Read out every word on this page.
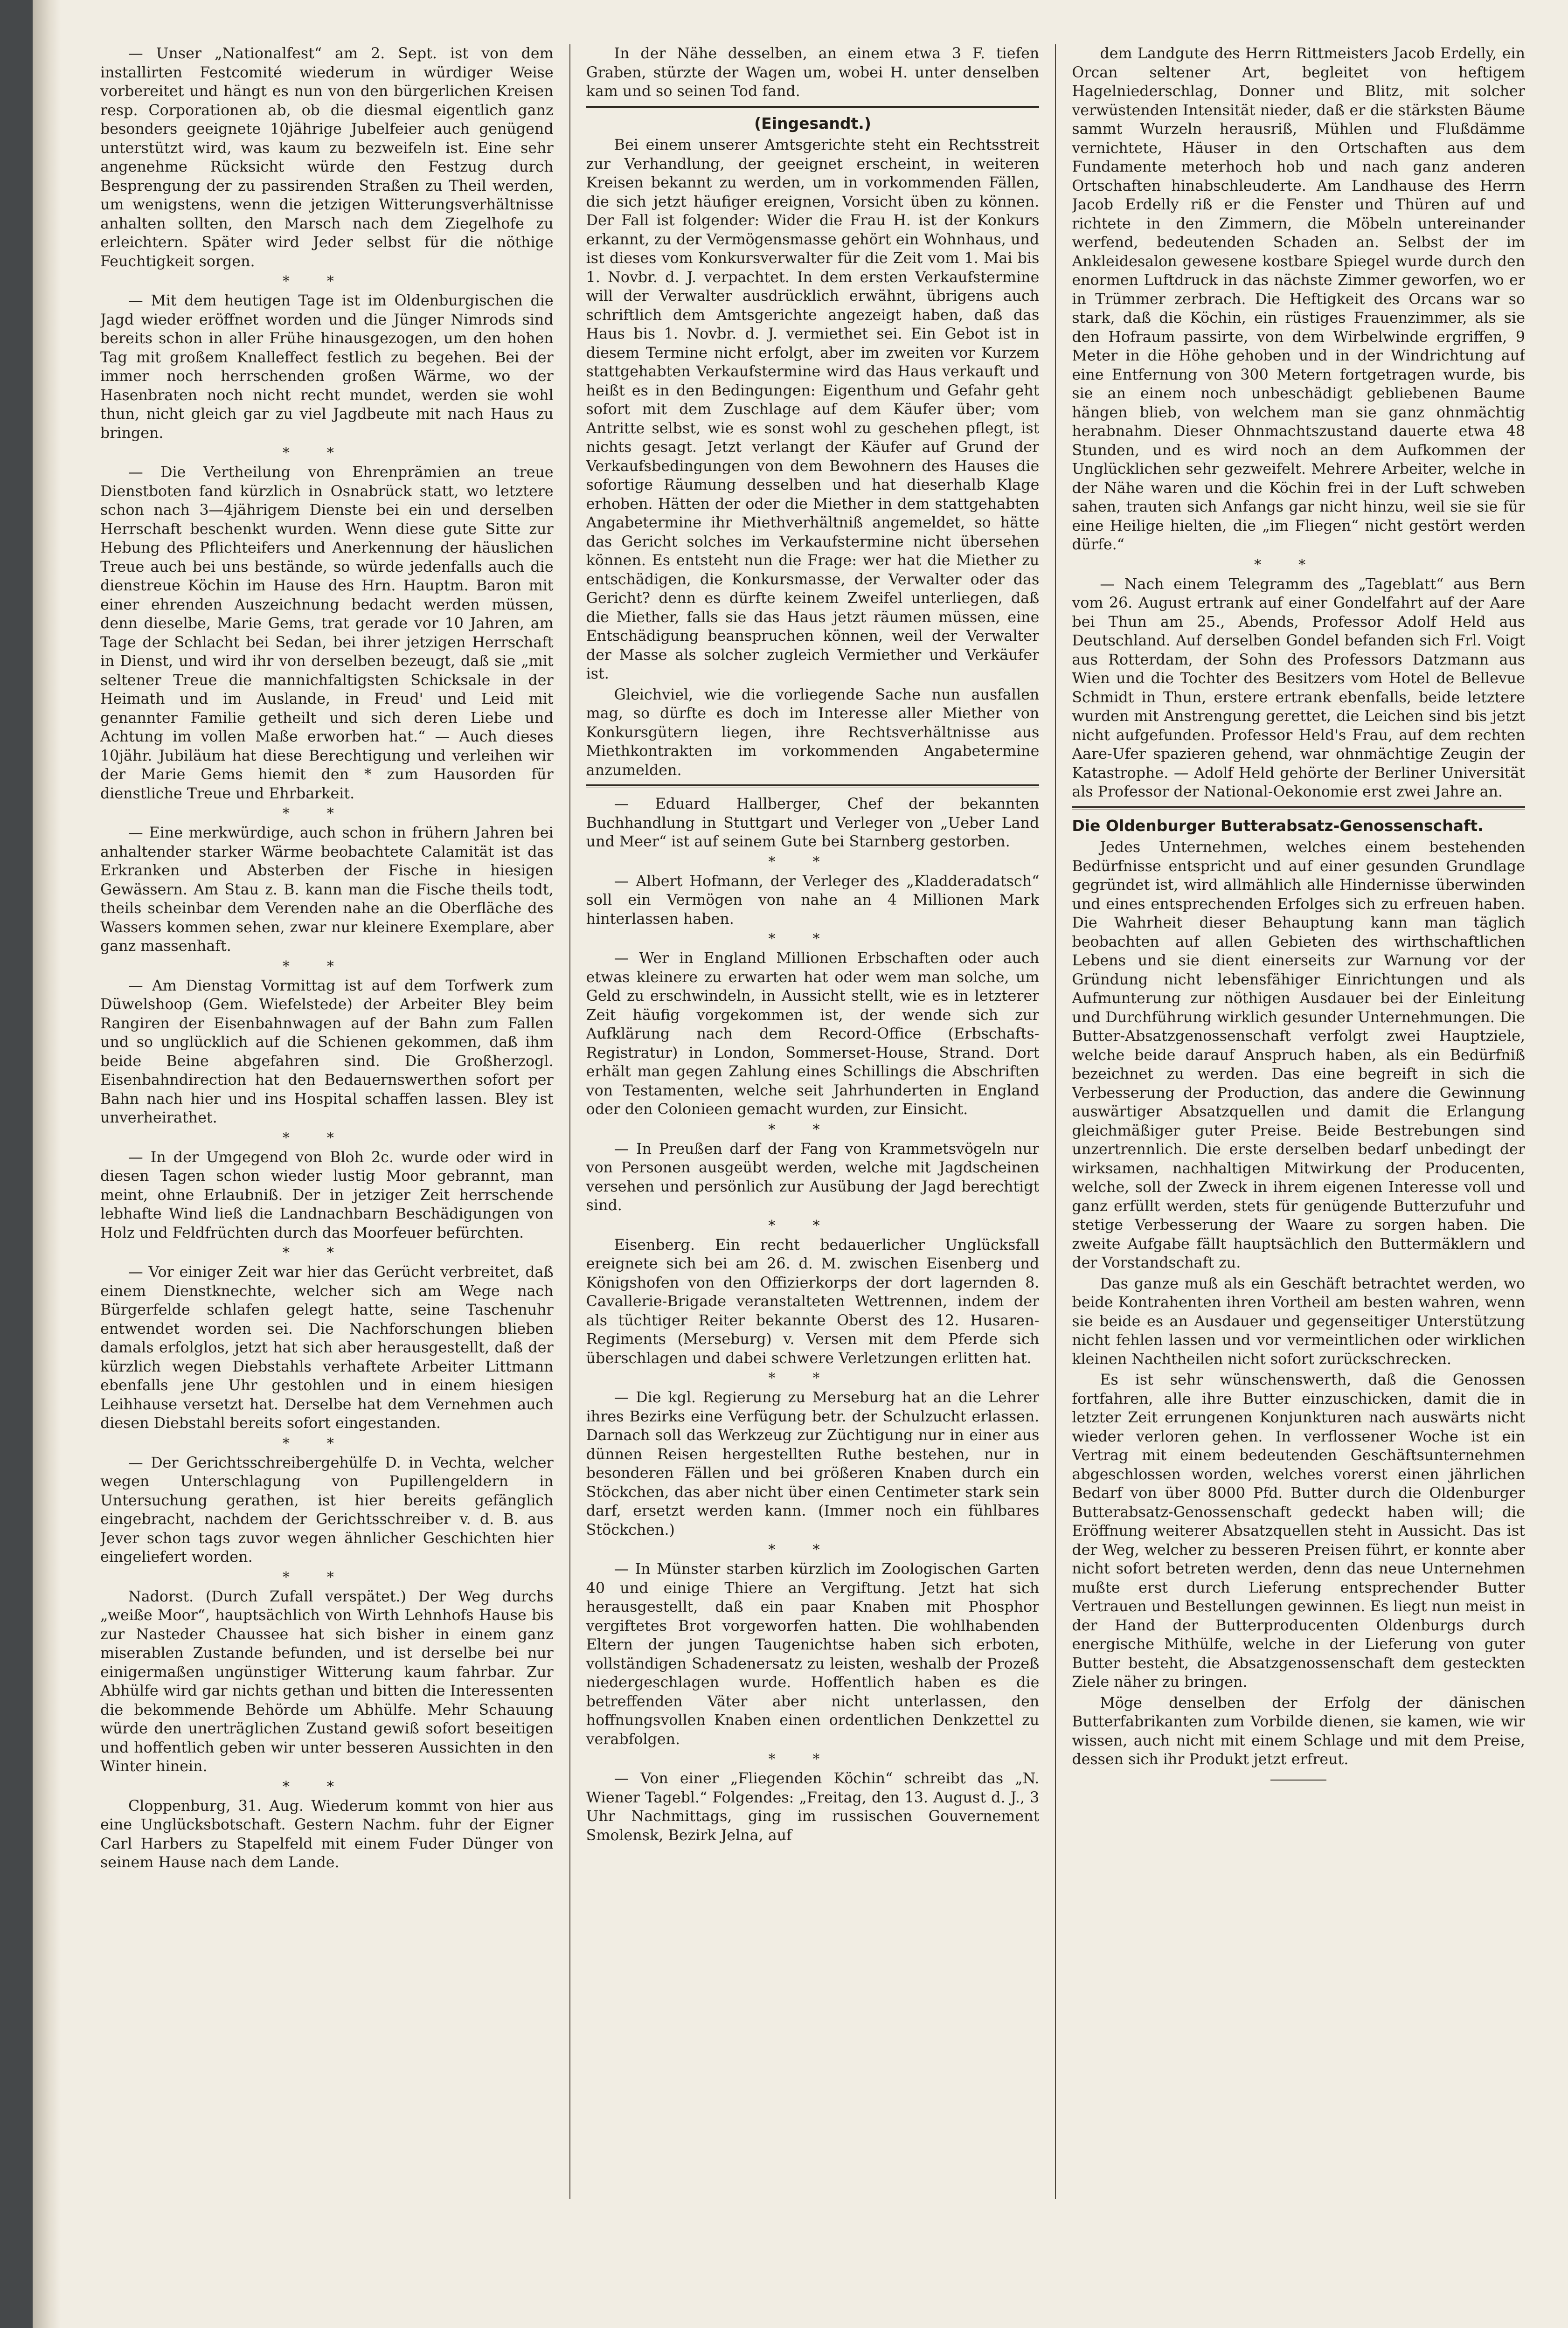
— Unser „Nationalfest“ am 2. Sept. ist von dem installirten Festcomité wiederum in würdiger Weise vorbereitet und hängt es nun von den bürgerlichen Kreisen resp. Corporationen ab, ob die diesmal eigentlich ganz besonders geeignete 10jährige Jubelfeier auch genügend unterstützt wird, was kaum zu bezweifeln ist. Eine sehr angenehme Rücksicht würde den Festzug durch Besprengung der zu passirenden Straßen zu Theil werden, um wenigstens, wenn die jetzigen Witterungsverhältnisse anhalten sollten, den Marsch nach dem Ziegelhofe zu erleichtern. Später wird Jeder selbst für die nöthige Feuchtigkeit sorgen.

**

— Mit dem heutigen Tage ist im Oldenburgischen die Jagd wieder eröffnet worden und die Jünger Nimrods sind bereits schon in aller Frühe hinausgezogen, um den hohen Tag mit großem Knalleffect festlich zu begehen. Bei der immer noch herrschenden großen Wärme, wo der Hasenbraten noch nicht recht mundet, werden sie wohl thun, nicht gleich gar zu viel Jagdbeute mit nach Haus zu bringen.

**

— Die Vertheilung von Ehrenprämien an treue Dienstboten fand kürzlich in Osnabrück statt, wo letztere schon nach 3—4jährigem Dienste bei ein und derselben Herrschaft beschenkt wurden. Wenn diese gute Sitte zur Hebung des Pflichteifers und Anerkennung der häuslichen Treue auch bei uns bestände, so würde jedenfalls auch die dienstreue Köchin im Hause des Hrn. Hauptm. Baron mit einer ehrenden Auszeichnung bedacht werden müssen, denn dieselbe, Marie Gems, trat gerade vor 10 Jahren, am Tage der Schlacht bei Sedan, bei ihrer jetzigen Herrschaft in Dienst, und wird ihr von derselben bezeugt, daß sie „mit seltener Treue die mannichfaltigsten Schicksale in der Heimath und im Auslande, in Freud' und Leid mit genannter Familie getheilt und sich deren Liebe und Achtung im vollen Maße erworben hat.“ — Auch dieses 10jähr. Jubiläum hat diese Berechtigung und verleihen wir der Marie Gems hiemit den * zum Hausorden für dienstliche Treue und Ehrbarkeit.

**

— Eine merkwürdige, auch schon in frühern Jahren bei anhaltender starker Wärme beobachtete Calamität ist das Erkranken und Absterben der Fische in hiesigen Gewässern. Am Stau z. B. kann man die Fische theils todt, theils scheinbar dem Verenden nahe an die Oberfläche des Wassers kommen sehen, zwar nur kleinere Exemplare, aber ganz massenhaft.

**

— Am Dienstag Vormittag ist auf dem Torfwerk zum Düwelshoop (Gem. Wiefelstede) der Arbeiter Bley beim Rangiren der Eisenbahnwagen auf der Bahn zum Fallen und so unglücklich auf die Schienen gekommen, daß ihm beide Beine abgefahren sind. Die Großherzogl. Eisenbahndirection hat den Bedauernswerthen sofort per Bahn nach hier und ins Hospital schaffen lassen. Bley ist unverheirathet.

**

— In der Umgegend von Bloh 2c. wurde oder wird in diesen Tagen schon wieder lustig Moor gebrannt, man meint, ohne Erlaubniß. Der in jetziger Zeit herrschende lebhafte Wind ließ die Landnachbarn Beschädigungen von Holz und Feldfrüchten durch das Moorfeuer befürchten.

**

— Vor einiger Zeit war hier das Gerücht verbreitet, daß einem Dienstknechte, welcher sich am Wege nach Bürgerfelde schlafen gelegt hatte, seine Taschenuhr entwendet worden sei. Die Nachforschungen blieben damals erfolglos, jetzt hat sich aber herausgestellt, daß der kürzlich wegen Diebstahls verhaftete Arbeiter Littmann ebenfalls jene Uhr gestohlen und in einem hiesigen Leihhause versetzt hat. Derselbe hat dem Vernehmen auch diesen Diebstahl bereits sofort eingestanden.

**

— Der Gerichtsschreibergehülfe D. in Vechta, welcher wegen Unterschlagung von Pupillengeldern in Untersuchung gerathen, ist hier bereits gefänglich eingebracht, nachdem der Gerichtsschreiber v. d. B. aus Jever schon tags zuvor wegen ähnlicher Geschichten hier eingeliefert worden.

**

Nadorst. (Durch Zufall verspätet.) Der Weg durchs „weiße Moor“, hauptsächlich von Wirth Lehnhofs Hause bis zur Nasteder Chaussee hat sich bisher in einem ganz miserablen Zustande befunden, und ist derselbe bei nur einigermaßen ungünstiger Witterung kaum fahrbar. Zur Abhülfe wird gar nichts gethan und bitten die Interessenten die bekommende Behörde um Abhülfe. Mehr Schauung würde den unerträglichen Zustand gewiß sofort beseitigen und hoffentlich geben wir unter besseren Aussichten in den Winter hinein.

**

Cloppenburg, 31. Aug. Wiederum kommt von hier aus eine Unglücksbotschaft. Gestern Nachm. fuhr der Eigner Carl Harbers zu Stapelfeld mit einem Fuder Dünger von seinem Hause nach dem Lande.

In der Nähe desselben, an einem etwa 3 F. tiefen Graben, stürzte der Wagen um, wobei H. unter denselben kam und so seinen Tod fand.

(Eingesandt.)

Bei einem unserer Amtsgerichte steht ein Rechtsstreit zur Verhandlung, der geeignet erscheint, in weiteren Kreisen bekannt zu werden, um in vorkommenden Fällen, die sich jetzt häufiger ereignen, Vorsicht üben zu können. Der Fall ist folgender: Wider die Frau H. ist der Konkurs erkannt, zu der Vermögensmasse gehört ein Wohnhaus, und ist dieses vom Konkursverwalter für die Zeit vom 1. Mai bis 1. Novbr. d. J. verpachtet. In dem ersten Verkaufstermine will der Verwalter ausdrücklich erwähnt, übrigens auch schriftlich dem Amtsgerichte angezeigt haben, daß das Haus bis 1. Novbr. d. J. vermiethet sei. Ein Gebot ist in diesem Termine nicht erfolgt, aber im zweiten vor Kurzem stattgehabten Verkaufstermine wird das Haus verkauft und heißt es in den Bedingungen: Eigenthum und Gefahr geht sofort mit dem Zuschlage auf dem Käufer über; vom Antritte selbst, wie es sonst wohl zu geschehen pflegt, ist nichts gesagt. Jetzt verlangt der Käufer auf Grund der Verkaufsbedingungen von dem Bewohnern des Hauses die sofortige Räumung desselben und hat dieserhalb Klage erhoben. Hätten der oder die Miether in dem stattgehabten Angabetermine ihr Miethverhältniß angemeldet, so hätte das Gericht solches im Verkaufstermine nicht übersehen können. Es entsteht nun die Frage: wer hat die Miether zu entschädigen, die Konkursmasse, der Verwalter oder das Gericht? denn es dürfte keinem Zweifel unterliegen, daß die Miether, falls sie das Haus jetzt räumen müssen, eine Entschädigung beanspruchen können, weil der Verwalter der Masse als solcher zugleich Vermiether und Verkäufer ist.

Gleichviel, wie die vorliegende Sache nun ausfallen mag, so dürfte es doch im Interesse aller Miether von Konkursgütern liegen, ihre Rechtsverhältnisse aus Miethkontrakten im vorkommenden Angabetermine anzumelden.

— Eduard Hallberger, Chef der bekannten Buchhandlung in Stuttgart und Verleger von „Ueber Land und Meer“ ist auf seinem Gute bei Starnberg gestorben.

**

— Albert Hofmann, der Verleger des „Kladderadatsch“ soll ein Vermögen von nahe an 4 Millionen Mark hinterlassen haben.

**

— Wer in England Millionen Erbschaften oder auch etwas kleinere zu erwarten hat oder wem man solche, um Geld zu erschwindeln, in Aussicht stellt, wie es in letzterer Zeit häufig vorgekommen ist, der wende sich zur Aufklärung nach dem Record-Office (Erbschafts-Registratur) in London, Sommerset-House, Strand. Dort erhält man gegen Zahlung eines Schillings die Abschriften von Testamenten, welche seit Jahrhunderten in England oder den Colonieen gemacht wurden, zur Einsicht.

**

— In Preußen darf der Fang von Krammetsvögeln nur von Personen ausgeübt werden, welche mit Jagdscheinen versehen und persönlich zur Ausübung der Jagd berechtigt sind.

**

Eisenberg. Ein recht bedauerlicher Unglücksfall ereignete sich bei am 26. d. M. zwischen Eisenberg und Königshofen von den Offizierkorps der dort lagernden 8. Cavallerie-Brigade veranstalteten Wettrennen, indem der als tüchtiger Reiter bekannte Oberst des 12. Husaren-Regiments (Merseburg) v. Versen mit dem Pferde sich überschlagen und dabei schwere Verletzungen erlitten hat.

**

— Die kgl. Regierung zu Merseburg hat an die Lehrer ihres Bezirks eine Verfügung betr. der Schulzucht erlassen. Darnach soll das Werkzeug zur Züchtigung nur in einer aus dünnen Reisen hergestellten Ruthe bestehen, nur in besonderen Fällen und bei größeren Knaben durch ein Stöckchen, das aber nicht über einen Centimeter stark sein darf, ersetzt werden kann. (Immer noch ein fühlbares Stöckchen.)

**

— In Münster starben kürzlich im Zoologischen Garten 40 und einige Thiere an Vergiftung. Jetzt hat sich herausgestellt, daß ein paar Knaben mit Phosphor vergiftetes Brot vorgeworfen hatten. Die wohlhabenden Eltern der jungen Taugenichtse haben sich erboten, vollständigen Schadenersatz zu leisten, weshalb der Prozeß niedergeschlagen wurde. Hoffentlich haben es die betreffenden Väter aber nicht unterlassen, den hoffnungsvollen Knaben einen ordentlichen Denkzettel zu verabfolgen.

**

— Von einer „Fliegenden Köchin“ schreibt das „N. Wiener Tagebl.“ Folgendes: „Freitag, den 13. August d. J., 3 Uhr Nachmittags, ging im russischen Gouvernement Smolensk, Bezirk Jelna, auf

dem Landgute des Herrn Rittmeisters Jacob Erdelly, ein Orcan seltener Art, begleitet von heftigem Hagelniederschlag, Donner und Blitz, mit solcher verwüstenden Intensität nieder, daß er die stärksten Bäume sammt Wurzeln herausriß, Mühlen und Flußdämme vernichtete, Häuser in den Ortschaften aus dem Fundamente meterhoch hob und nach ganz anderen Ortschaften hinabschleuderte. Am Landhause des Herrn Jacob Erdelly riß er die Fenster und Thüren auf und richtete in den Zimmern, die Möbeln untereinander werfend, bedeutenden Schaden an. Selbst der im Ankleidesalon gewesene kostbare Spiegel wurde durch den enormen Luftdruck in das nächste Zimmer geworfen, wo er in Trümmer zerbrach. Die Heftigkeit des Orcans war so stark, daß die Köchin, ein rüstiges Frauenzimmer, als sie den Hofraum passirte, von dem Wirbelwinde ergriffen, 9 Meter in die Höhe gehoben und in der Windrichtung auf eine Entfernung von 300 Metern fortgetragen wurde, bis sie an einem noch unbeschädigt gebliebenen Baume hängen blieb, von welchem man sie ganz ohnmächtig herabnahm. Dieser Ohnmachtszustand dauerte etwa 48 Stunden, und es wird noch an dem Aufkommen der Unglücklichen sehr gezweifelt. Mehrere Arbeiter, welche in der Nähe waren und die Köchin frei in der Luft schweben sahen, trauten sich Anfangs gar nicht hinzu, weil sie sie für eine Heilige hielten, die „im Fliegen“ nicht gestört werden dürfe.“

**

— Nach einem Telegramm des „Tageblatt“ aus Bern vom 26. August ertrank auf einer Gondelfahrt auf der Aare bei Thun am 25., Abends, Professor Adolf Held aus Deutschland. Auf derselben Gondel befanden sich Frl. Voigt aus Rotterdam, der Sohn des Professors Datzmann aus Wien und die Tochter des Besitzers vom Hotel de Bellevue Schmidt in Thun, erstere ertrank ebenfalls, beide letztere wurden mit Anstrengung gerettet, die Leichen sind bis jetzt nicht aufgefunden. Professor Held's Frau, auf dem rechten Aare-Ufer spazieren gehend, war ohnmächtige Zeugin der Katastrophe. — Adolf Held gehörte der Berliner Universität als Professor der National-Oekonomie erst zwei Jahre an.

Die Oldenburger Butterabsatz-Genossenschaft.

Jedes Unternehmen, welches einem bestehenden Bedürfnisse entspricht und auf einer gesunden Grundlage gegründet ist, wird allmählich alle Hindernisse überwinden und eines entsprechenden Erfolges sich zu erfreuen haben. Die Wahrheit dieser Behauptung kann man täglich beobachten auf allen Gebieten des wirthschaftlichen Lebens und sie dient einerseits zur Warnung vor der Gründung nicht lebensfähiger Einrichtungen und als Aufmunterung zur nöthigen Ausdauer bei der Einleitung und Durchführung wirklich gesunder Unternehmungen. Die Butter-Absatzgenossenschaft verfolgt zwei Hauptziele, welche beide darauf Anspruch haben, als ein Bedürfniß bezeichnet zu werden. Das eine begreift in sich die Verbesserung der Production, das andere die Gewinnung auswärtiger Absatzquellen und damit die Erlangung gleichmäßiger guter Preise. Beide Bestrebungen sind unzertrennlich. Die erste derselben bedarf unbedingt der wirksamen, nachhaltigen Mitwirkung der Producenten, welche, soll der Zweck in ihrem eigenen Interesse voll und ganz erfüllt werden, stets für genügende Butterzufuhr und stetige Verbesserung der Waare zu sorgen haben. Die zweite Aufgabe fällt hauptsächlich den Buttermäklern und der Vorstandschaft zu.

Das ganze muß als ein Geschäft betrachtet werden, wo beide Kontrahenten ihren Vortheil am besten wahren, wenn sie beide es an Ausdauer und gegenseitiger Unterstützung nicht fehlen lassen und vor vermeintlichen oder wirklichen kleinen Nachtheilen nicht sofort zurückschrecken.

Es ist sehr wünschenswerth, daß die Genossen fortfahren, alle ihre Butter einzuschicken, damit die in letzter Zeit errungenen Konjunkturen nach auswärts nicht wieder verloren gehen. In verflossener Woche ist ein Vertrag mit einem bedeutenden Geschäftsunternehmen abgeschlossen worden, welches vorerst einen jährlichen Bedarf von über 8000 Pfd. Butter durch die Oldenburger Butterabsatz-Genossenschaft gedeckt haben will; die Eröffnung weiterer Absatzquellen steht in Aussicht. Das ist der Weg, welcher zu besseren Preisen führt, er konnte aber nicht sofort betreten werden, denn das neue Unternehmen mußte erst durch Lieferung entsprechender Butter Vertrauen und Bestellungen gewinnen. Es liegt nun meist in der Hand der Butterproducenten Oldenburgs durch energische Mithülfe, welche in der Lieferung von guter Butter besteht, die Absatzgenossenschaft dem gesteckten Ziele näher zu bringen.

Möge denselben der Erfolg der dänischen Butterfabrikanten zum Vorbilde dienen, sie kamen, wie wir wissen, auch nicht mit einem Schlage und mit dem Preise, dessen sich ihr Produkt jetzt erfreut.
